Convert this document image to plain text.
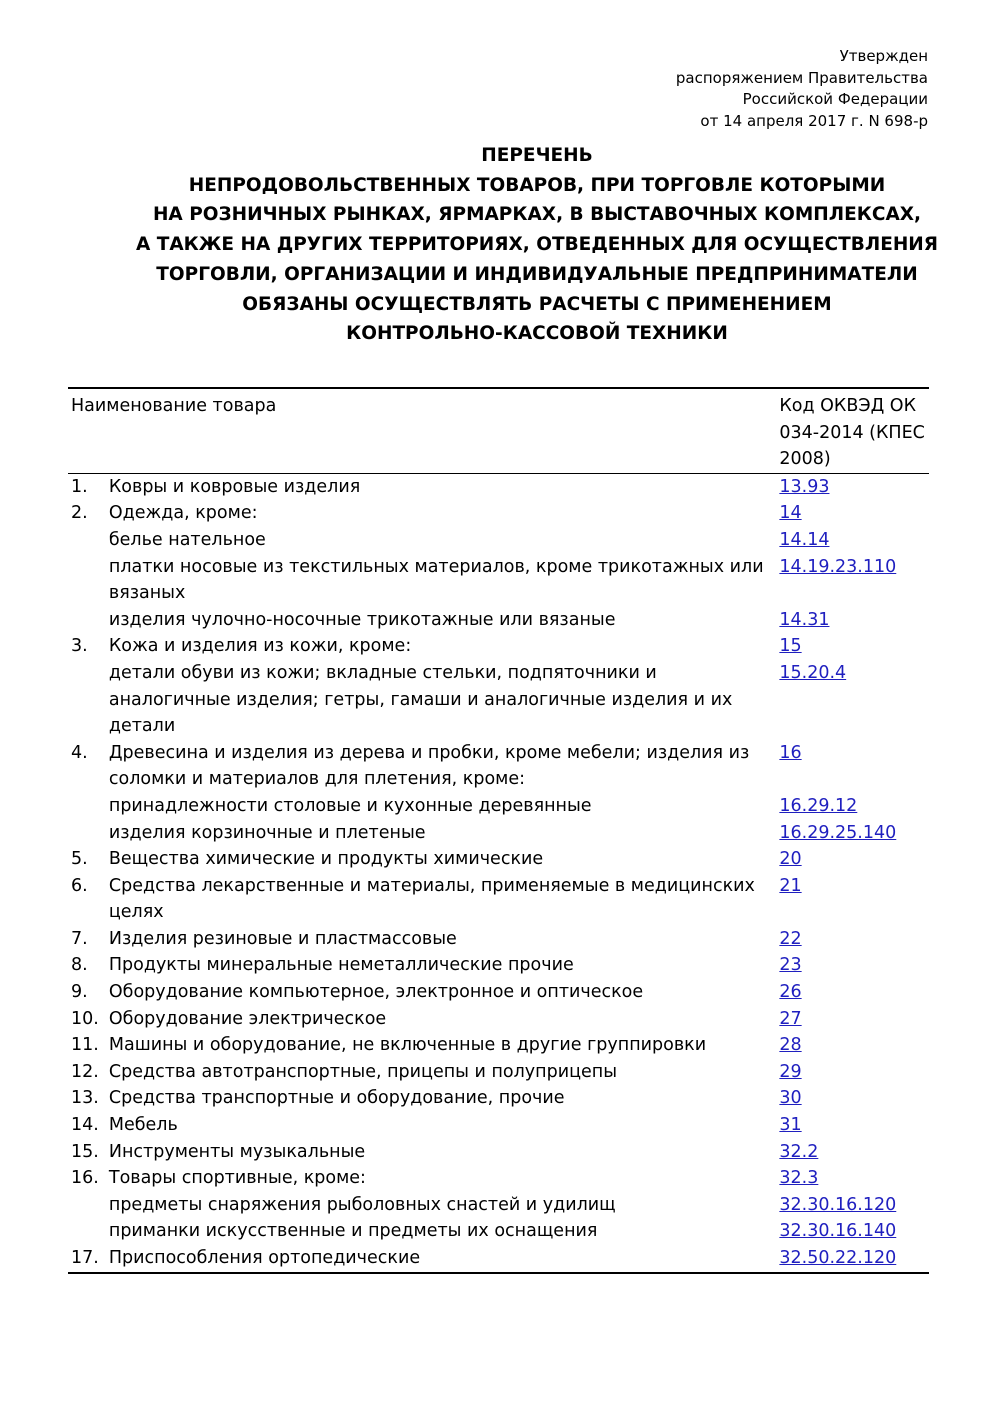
Утвержден
распоряжением Правительства
Российской Федерации
от 14 апреля 2017 г. N 698-р
ПЕРЕЧЕНЬ
НЕПРОДОВОЛЬСТВЕННЫХ ТОВАРОВ, ПРИ ТОРГОВЛЕ КОТОРЫМИ
НА РОЗНИЧНЫХ РЫНКАХ, ЯРМАРКАХ, В ВЫСТАВОЧНЫХ КОМПЛЕКСАХ,
А ТАКЖЕ НА ДРУГИХ ТЕРРИТОРИЯХ, ОТВЕДЕННЫХ ДЛЯ ОСУЩЕСТВЛЕНИЯ
ТОРГОВЛИ, ОРГАНИЗАЦИИ И ИНДИВИДУАЛЬНЫЕ ПРЕДПРИНИМАТЕЛИ
ОБЯЗАНЫ ОСУЩЕСТВЛЯТЬ РАСЧЕТЫ С ПРИМЕНЕНИЕМ
КОНТРОЛЬНО-КАССОВОЙ ТЕХНИКИ
Наименование товара		Код ОКВЭД ОК 034-2014 (КПЕС 2008)
1.	Ковры и ковровые изделия	13.93
2.	Одежда, кроме:	14
	белье нательное	14.14
	платки носовые из текстильных материалов, кроме трикотажных или вязаных	14.19.23.110
	изделия чулочно-носочные трикотажные или вязаные	14.31
3.	Кожа и изделия из кожи, кроме:	15
	детали обуви из кожи; вкладные стельки, подпяточники и аналогичные изделия; гетры, гамаши и аналогичные изделия и их детали	15.20.4
4.	Древесина и изделия из дерева и пробки, кроме мебели; изделия из соломки и материалов для плетения, кроме:	16
	принадлежности столовые и кухонные деревянные	16.29.12
	изделия корзиночные и плетеные	16.29.25.140
5.	Вещества химические и продукты химические	20
6.	Средства лекарственные и материалы, применяемые в медицинских целях	21
7.	Изделия резиновые и пластмассовые	22
8.	Продукты минеральные неметаллические прочие	23
9.	Оборудование компьютерное, электронное и оптическое	26
10.	Оборудование электрическое	27
11.	Машины и оборудование, не включенные в другие группировки	28
12.	Средства автотранспортные, прицепы и полуприцепы	29
13.	Средства транспортные и оборудование, прочие	30
14.	Мебель	31
15.	Инструменты музыкальные	32.2
16.	Товары спортивные, кроме:	32.3
	предметы снаряжения рыболовных снастей и удилищ	32.30.16.120
	приманки искусственные и предметы их оснащения	32.30.16.140
17.	Приспособления ортопедические	32.50.22.120
